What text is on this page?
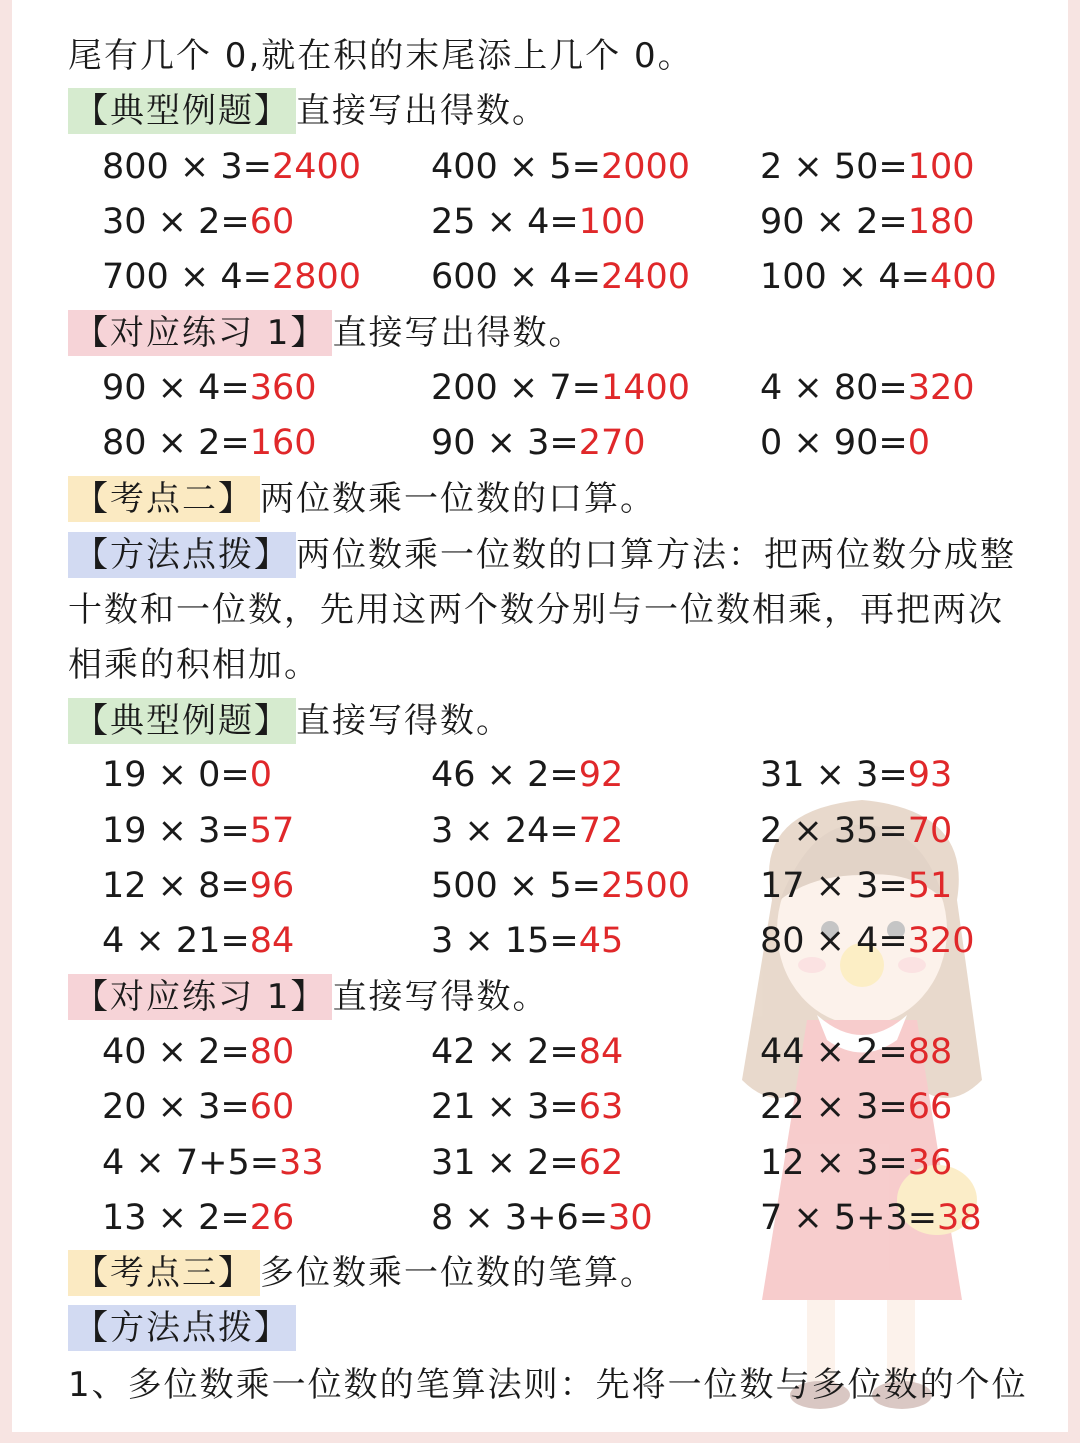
尾有几个 0,就在积的末尾添上几个 0。
【典型例题】 直接写出得数。
800 × 3=2400 400 × 5=2000 2 × 50=100
30 × 2=60	25 × 4=100	90 × 2=180
700 × 4=2800 600 × 4=2400 100 × 4=400
90 × 4=360	200 × 7=1400 4 × 80=320
80 × 2=160	90 × 3=270	0 × 90=0
19 × 0=0	46 × 2=92	31 × 3=93
19 × 3=57	3 × 24=72	2 × 35=70
12 × 8=96	500 × 5=2500 17 × 3=51
4 × 21=84	3 × 15=45	80 × 4=320
40 × 2=80	42 × 2=84	44 × 2=88
20 × 3=60	21 × 3=63	22 × 3=66
4 × 7+5=33	31 × 2=62	12 × 3=36
13 × 2=26	8 × 3+6=30	7 × 5+3=38
【对应练习 1】 直接写出得数。
【考点二】 两位数乘一位数的口算。
【方法点拨】 两位数乘一位数的口算方法：把两位数分成整
十数和一位数，先用这两个数分别与一位数相乘，再把两次
相乘的积相加。
【典型例题】 直接写得数。
【对应练习 1】 直接写得数。
【考点三】 多位数乘一位数的笔算。
【方法点拨】
1、多位数乘一位数的笔算法则：先将一位数与多位数的个位
